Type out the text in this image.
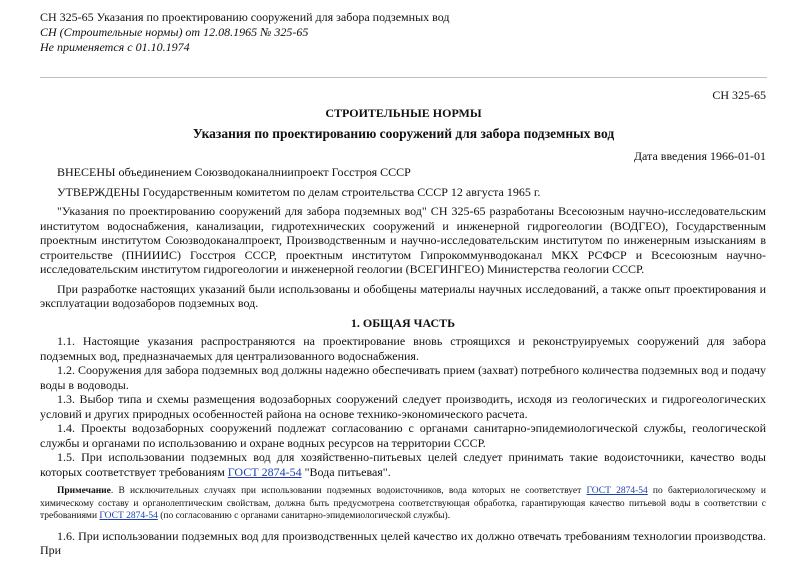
СН 325-65 Указания по проектированию сооружений для забора подземных вод
СН (Строительные нормы) от 12.08.1965 № 325-65
Не применяется с 01.10.1974
СН 325-65
СТРОИТЕЛЬНЫЕ НОРМЫ
Указания по проектированию сооружений для забора подземных вод
Дата введения 1966-01-01

ВНЕСЕНЫ объединением Союзводоканалниипроект Госстроя СССР

УТВЕРЖДЕНЫ Государственным комитетом по делам строительства СССР 12 августа 1965 г.

"Указания по проектированию сооружений для забора подземных вод" СН 325-65 разработаны Всесоюзным научно-исследовательским институтом водоснабжения, канализации, гидротехнических сооружений и инженерной гидрогеологии (ВОДГЕО), Государственным проектным институтом Союзводоканалпроект, Производственным и научно-исследовательским институтом по инженерным изысканиям в строительстве (ПНИИИС) Госстроя СССР, проектным институтом Гипрокоммунводоканал МКХ РСФСР и Всесоюзным научно-исследовательским институтом гидрогеологии и инженерной геологии (ВСЕГИНГЕО) Министерства геологии СССР.

При разработке настоящих указаний были использованы и обобщены материалы научных исследований, а также опыт проектирования и эксплуатации водозаборов подземных вод.

1. ОБЩАЯ ЧАСТЬ

1.1. Настоящие указания распространяются на проектирование вновь строящихся и реконструируемых сооружений для забора подземных вод, предназначаемых для централизованного водоснабжения.

1.2. Сооружения для забора подземных вод должны надежно обеспечивать прием (захват) потребного количества подземных вод и подачу воды в водоводы.

1.3. Выбор типа и схемы размещения водозаборных сооружений следует производить, исходя из геологических и гидрогеологических условий и других природных особенностей района на основе технико-экономического расчета.

1.4. Проекты водозаборных сооружений подлежат согласованию с органами санитарно-эпидемиологической службы, геологической службы и органами по использованию и охране водных ресурсов на территории СССР.

1.5. При использовании подземных вод для хозяйственно-питьевых целей следует принимать такие водоисточники, качество воды которых соответствует требованиям ГОСТ 2874-54 "Вода питьевая".

Примечание. В исключительных случаях при использовании подземных водоисточников, вода которых не соответствует ГОСТ 2874-54 по бактериологическому и химическому составу и органолептическим свойствам, должна быть предусмотрена соответствующая обработка, гарантирующая качество питьевой воды в соответствии с требованиями ГОСТ 2874-54 (по согласованию с органами санитарно-эпидемиологической службы).

1.6. При использовании подземных вод для производственных целей качество их должно отвечать требованиям технологии производства. При
